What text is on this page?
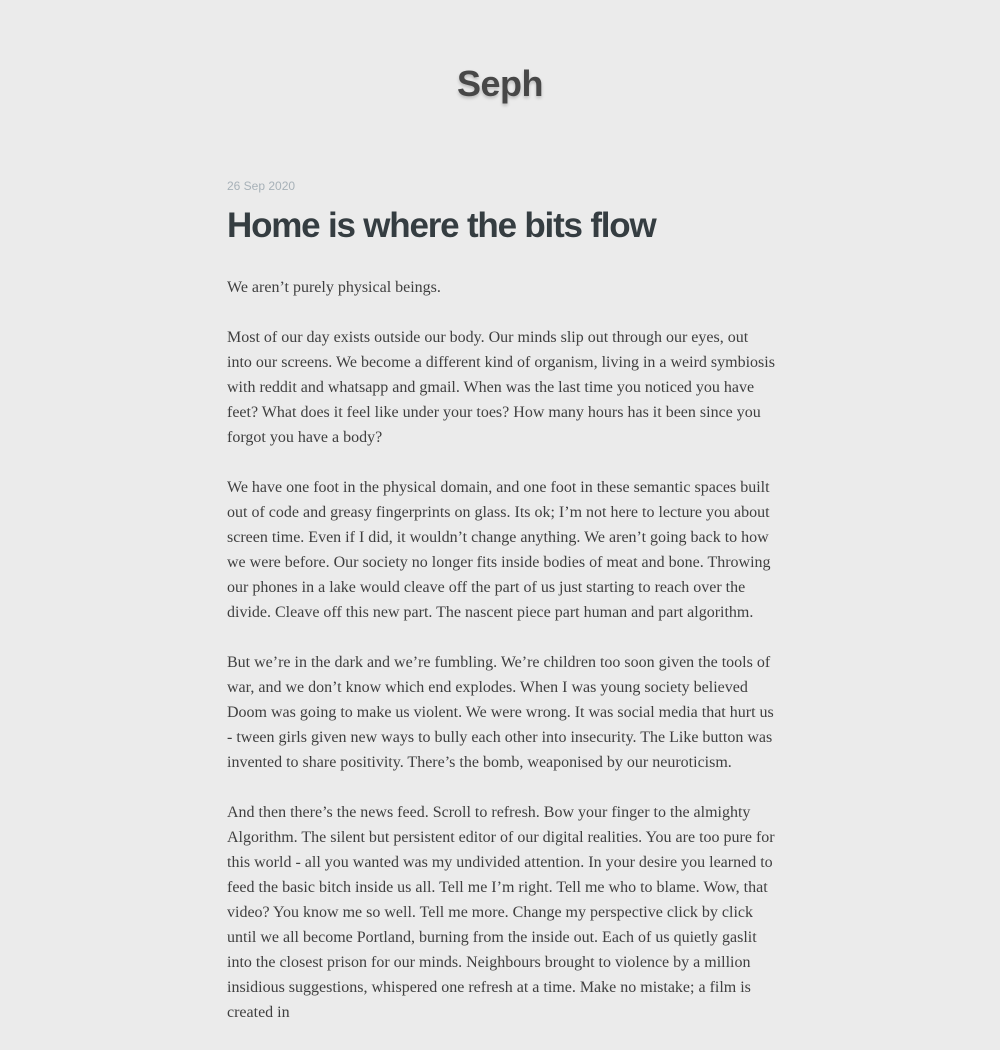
Seph

26 Sep 2020

Home is where the bits flow

We aren’t purely physical beings.

Most of our day exists outside our body. Our minds slip out through our eyes, out into our screens. We become a different kind of organism, living in a weird symbiosis with reddit and whatsapp and gmail. When was the last time you noticed you have feet? What does it feel like under your toes? How many hours has it been since you forgot you have a body?

We have one foot in the physical domain, and one foot in these semantic spaces built out of code and greasy fingerprints on glass. Its ok; I’m not here to lecture you about screen time. Even if I did, it wouldn’t change anything. We aren’t going back to how we were before. Our society no longer fits inside bodies of meat and bone. Throwing our phones in a lake would cleave off the part of us just starting to reach over the divide. Cleave off this new part. The nascent piece part human and part algorithm.

But we’re in the dark and we’re fumbling. We’re children too soon given the tools of war, and we don’t know which end explodes. When I was young society believed Doom was going to make us violent. We were wrong. It was social media that hurt us - tween girls given new ways to bully each other into insecurity. The Like button was invented to share positivity. There’s the bomb, weaponised by our neuroticism.

And then there’s the news feed. Scroll to refresh. Bow your finger to the almighty Algorithm. The silent but persistent editor of our digital realities. You are too pure for this world - all you wanted was my undivided attention. In your desire you learned to feed the basic bitch inside us all. Tell me I’m right. Tell me who to blame. Wow, that video? You know me so well. Tell me more. Change my perspective click by click until we all become Portland, burning from the inside out. Each of us quietly gaslit into the closest prison for our minds. Neighbours brought to violence by a million insidious suggestions, whispered one refresh at a time. Make no mistake; a film is created in
